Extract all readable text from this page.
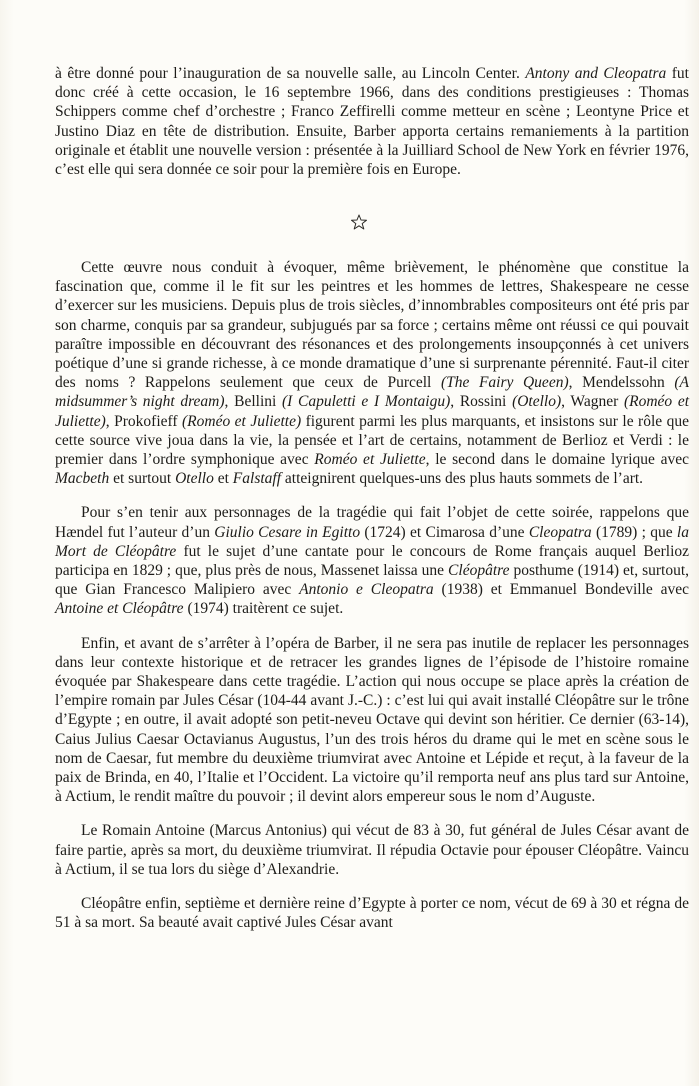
à être donné pour l’inauguration de sa nouvelle salle, au Lincoln Center. Antony and Cleopatra fut donc créé à cette occasion, le 16 septembre 1966, dans des conditions prestigieuses : Thomas Schippers comme chef d’orchestre ; Franco Zeffirelli comme metteur en scène ; Leontyne Price et Justino Diaz en tête de distribution. Ensuite, Barber apporta certains remaniements à la partition originale et établit une nouvelle version : présentée à la Juilliard School de New York en février 1976, c’est elle qui sera donnée ce soir pour la première fois en Europe.

Cette œuvre nous conduit à évoquer, même brièvement, le phénomène que constitue la fascination que, comme il le fit sur les peintres et les hommes de lettres, Shakespeare ne cesse d’exercer sur les musiciens. Depuis plus de trois siècles, d’innombrables compositeurs ont été pris par son charme, conquis par sa grandeur, subjugués par sa force ; certains même ont réussi ce qui pouvait paraître impossible en découvrant des résonances et des prolongements insoupçonnés à cet univers poétique d’une si grande richesse, à ce monde dramatique d’une si surprenante pérennité. Faut-il citer des noms ? Rappelons seulement que ceux de Purcell (The Fairy Queen), Mendelssohn (A midsummer’s night dream), Bellini (I Capuletti e I Montaigu), Rossini (Otello), Wagner (Roméo et Juliette), Prokofieff (Roméo et Juliette) figurent parmi les plus marquants, et insistons sur le rôle que cette source vive joua dans la vie, la pensée et l’art de certains, notamment de Berlioz et Verdi : le premier dans l’ordre symphonique avec Roméo et Juliette, le second dans le domaine lyrique avec Macbeth et surtout Otello et Falstaff atteignirent quelques-uns des plus hauts sommets de l’art.

Pour s’en tenir aux personnages de la tragédie qui fait l’objet de cette soirée, rappelons que Hændel fut l’auteur d’un Giulio Cesare in Egitto (1724) et Cimarosa d’une Cleopatra (1789) ; que la Mort de Cléopâtre fut le sujet d’une cantate pour le concours de Rome français auquel Berlioz participa en 1829 ; que, plus près de nous, Massenet laissa une Cléopâtre posthume (1914) et, surtout, que Gian Francesco Malipiero avec Antonio e Cleopatra (1938) et Emmanuel Bondeville avec Antoine et Cléopâtre (1974) traitèrent ce sujet.

Enfin, et avant de s’arrêter à l’opéra de Barber, il ne sera pas inutile de replacer les personnages dans leur contexte historique et de retracer les grandes lignes de l’épisode de l’histoire romaine évoquée par Shakespeare dans cette tragédie. L’action qui nous occupe se place après la création de l’empire romain par Jules César (104-44 avant J.-C.) : c’est lui qui avait installé Cléopâtre sur le trône d’Egypte ; en outre, il avait adopté son petit-neveu Octave qui devint son héritier. Ce dernier (63-14), Caius Julius Caesar Octavianus Augustus, l’un des trois héros du drame qui le met en scène sous le nom de Caesar, fut membre du deuxième triumvirat avec Antoine et Lépide et reçut, à la faveur de la paix de Brinda, en 40, l’Italie et l’Occident. La victoire qu’il remporta neuf ans plus tard sur Antoine, à Actium, le rendit maître du pouvoir ; il devint alors empereur sous le nom d’Auguste.

Le Romain Antoine (Marcus Antonius) qui vécut de 83 à 30, fut général de Jules César avant de faire partie, après sa mort, du deuxième triumvirat. Il répudia Octavie pour épouser Cléopâtre. Vaincu à Actium, il se tua lors du siège d’Alexandrie.

Cléopâtre enfin, septième et dernière reine d’Egypte à porter ce nom, vécut de 69 à 30 et régna de 51 à sa mort. Sa beauté avait captivé Jules César avant
